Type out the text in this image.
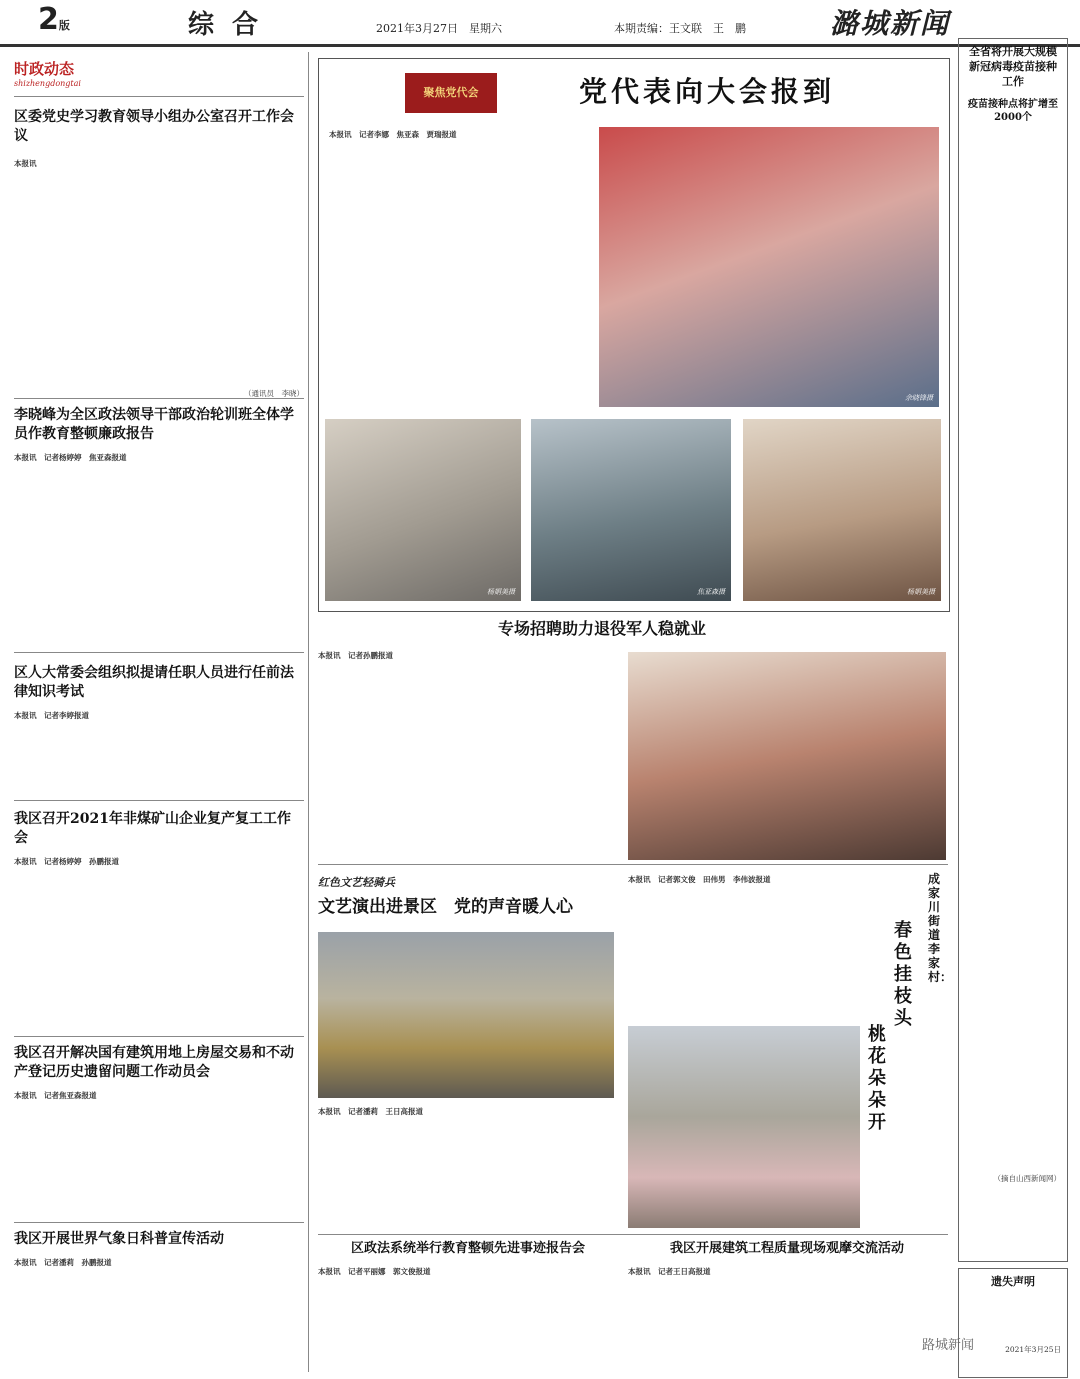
2版	综合	2021年3月27日　星期六	本期责编：王文联　王　鹏	潞城新闻
时政动态
shizhengdongtai
区委党史学习教育领导小组办公室召开工作会议
本报讯
（通讯员　李晓）
李晓峰为全区政法领导干部政治轮训班全体学员作教育整顿廉政报告
本报讯　记者杨婷婷　焦亚森报道
区人大常委会组织拟提请任职人员进行任前法律知识考试
本报讯　记者李婷报道
我区召开2021年非煤矿山企业复产复工工作会
本报讯　记者杨婷婷　孙鹏报道
我区召开解决国有建筑用地上房屋交易和不动产登记历史遗留问题工作动员会
本报讯　记者焦亚森报道
我区开展世界气象日科普宣传活动
本报讯　记者潘莉　孙鹏报道
聚焦党代会	党代表向大会报到
本报讯　记者李娜　焦亚森　贾瑞报道
余晓锋摄
杨娟美摄	焦亚森摄	杨娟美摄
专场招聘助力退役军人稳就业
本报讯　记者孙鹏报道
红色文艺轻骑兵
文艺演出进景区　党的声音暖人心
本报讯　记者潘莉　王日高报道
本报讯　记者郭文俊　田伟男　李伟波报道	成家川街道李家村：
春色挂枝头
桃花朵朵开
区政法系统举行教育整顿先进事迹报告会
本报讯　记者平丽娜　郭文俊报道
我区开展建筑工程质量现场观摩交流活动
本报讯　记者王日高报道
全省将开展大规模新冠病毒疫苗接种工作
疫苗接种点将扩增至2000个
（摘自山西新闻网）
遗失声明
2021年3月25日
路城新闻
